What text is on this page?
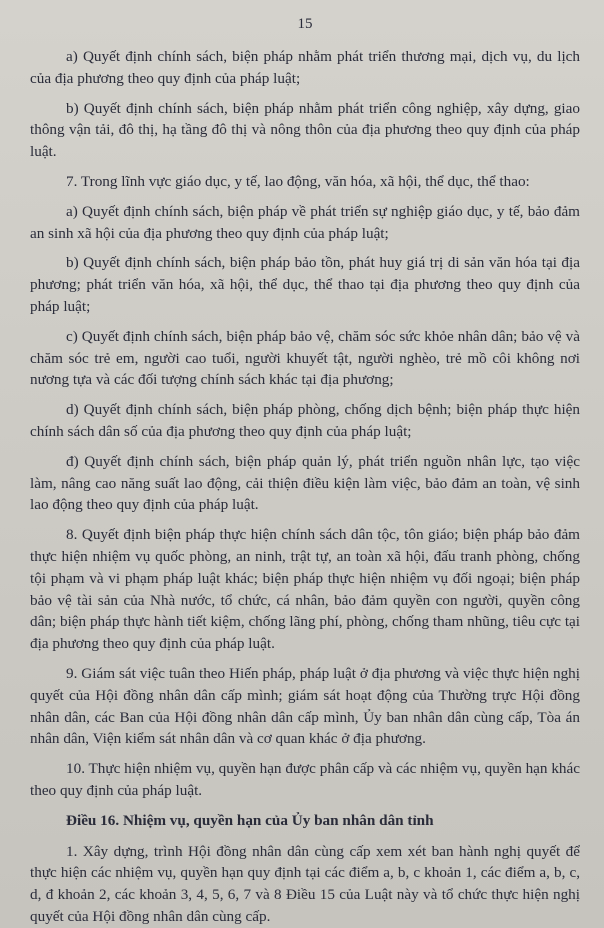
15

a) Quyết định chính sách, biện pháp nhằm phát triển thương mại, dịch vụ, du lịch của địa phương theo quy định của pháp luật;

b) Quyết định chính sách, biện pháp nhằm phát triển công nghiệp, xây dựng, giao thông vận tải, đô thị, hạ tầng đô thị và nông thôn của địa phương theo quy định của pháp luật.

7. Trong lĩnh vực giáo dục, y tế, lao động, văn hóa, xã hội, thể dục, thể thao:

a) Quyết định chính sách, biện pháp về phát triển sự nghiệp giáo dục, y tế, bảo đảm an sinh xã hội của địa phương theo quy định của pháp luật;

b) Quyết định chính sách, biện pháp bảo tồn, phát huy giá trị di sản văn hóa tại địa phương; phát triển văn hóa, xã hội, thể dục, thể thao tại địa phương theo quy định của pháp luật;

c) Quyết định chính sách, biện pháp bảo vệ, chăm sóc sức khỏe nhân dân; bảo vệ và chăm sóc trẻ em, người cao tuổi, người khuyết tật, người nghèo, trẻ mồ côi không nơi nương tựa và các đối tượng chính sách khác tại địa phương;

d) Quyết định chính sách, biện pháp phòng, chống dịch bệnh; biện pháp thực hiện chính sách dân số của địa phương theo quy định của pháp luật;

đ) Quyết định chính sách, biện pháp quản lý, phát triển nguồn nhân lực, tạo việc làm, nâng cao năng suất lao động, cải thiện điều kiện làm việc, bảo đảm an toàn, vệ sinh lao động theo quy định của pháp luật.

8. Quyết định biện pháp thực hiện chính sách dân tộc, tôn giáo; biện pháp bảo đảm thực hiện nhiệm vụ quốc phòng, an ninh, trật tự, an toàn xã hội, đấu tranh phòng, chống tội phạm và vi phạm pháp luật khác; biện pháp thực hiện nhiệm vụ đối ngoại; biện pháp bảo vệ tài sản của Nhà nước, tổ chức, cá nhân, bảo đảm quyền con người, quyền công dân; biện pháp thực hành tiết kiệm, chống lãng phí, phòng, chống tham nhũng, tiêu cực tại địa phương theo quy định của pháp luật.

9. Giám sát việc tuân theo Hiến pháp, pháp luật ở địa phương và việc thực hiện nghị quyết của Hội đồng nhân dân cấp mình; giám sát hoạt động của Thường trực Hội đồng nhân dân, các Ban của Hội đồng nhân dân cấp mình, Ủy ban nhân dân cùng cấp, Tòa án nhân dân, Viện kiểm sát nhân dân và cơ quan khác ở địa phương.

10. Thực hiện nhiệm vụ, quyền hạn được phân cấp và các nhiệm vụ, quyền hạn khác theo quy định của pháp luật.

Điều 16. Nhiệm vụ, quyền hạn của Ủy ban nhân dân tỉnh

1. Xây dựng, trình Hội đồng nhân dân cùng cấp xem xét ban hành nghị quyết để thực hiện các nhiệm vụ, quyền hạn quy định tại các điểm a, b, c khoản 1, các điểm a, b, c, d, đ khoản 2, các khoản 3, 4, 5, 6, 7 và 8 Điều 15 của Luật này và tổ chức thực hiện nghị quyết của Hội đồng nhân dân cùng cấp.
